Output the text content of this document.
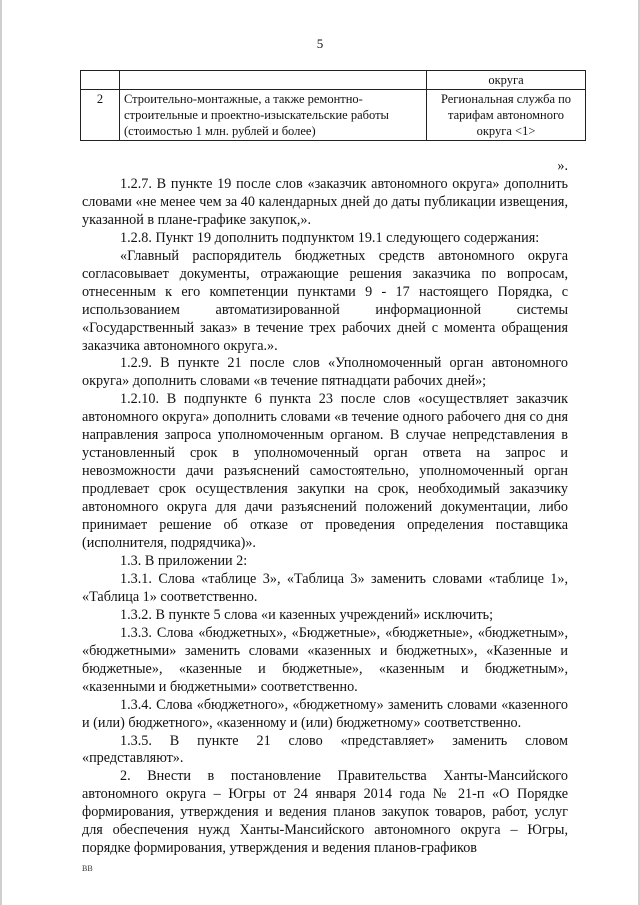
5
		округа
2	Строительно-монтажные, а также ремонтно-строительные и проектно-изыскательские работы (стоимостью 1 млн. рублей и более)	Региональная служба по тарифам автономного округа <1>

».

1.2.7. В пункте 19 после слов «заказчик автономного округа» дополнить словами «не менее чем за 40 календарных дней до даты публикации извещения, указанной в плане-графике закупок,».

1.2.8. Пункт 19 дополнить подпунктом 19.1 следующего содержания:

«Главный распорядитель бюджетных средств автономного округа согласовывает документы, отражающие решения заказчика по вопросам, отнесенным к его компетенции пунктами 9 - 17 настоящего Порядка, с использованием автоматизированной информационной системы «Государственный заказ» в течение трех рабочих дней с момента обращения заказчика автономного округа.».

1.2.9. В пункте 21 после слов «Уполномоченный орган автономного округа» дополнить словами «в течение пятнадцати рабочих дней»;

1.2.10. В подпункте 6 пункта 23 после слов «осуществляет заказчик автономного округа» дополнить словами «в течение одного рабочего дня со дня направления запроса уполномоченным органом. В случае непредставления в установленный срок в уполномоченный орган ответа на запрос и невозможности дачи разъяснений самостоятельно, уполномоченный орган продлевает срок осуществления закупки на срок, необходимый заказчику автономного округа для дачи разъяснений положений документации, либо принимает решение об отказе от проведения определения поставщика (исполнителя, подрядчика)».

1.3. В приложении 2:

1.3.1. Слова «таблице 3», «Таблица 3» заменить словами «таблице 1», «Таблица 1» соответственно.

1.3.2. В пункте 5 слова «и казенных учреждений» исключить;

1.3.3. Слова «бюджетных», «Бюджетные», «бюджетные», «бюджетным», «бюджетными» заменить словами «казенных и бюджетных», «Казенные и бюджетные», «казенные и бюджетные», «казенным и бюджетным», «казенными и бюджетными» соответственно.

1.3.4. Слова «бюджетного», «бюджетному» заменить словами «казенного и (или) бюджетного», «казенному и (или) бюджетному» соответственно.

1.3.5. В пункте 21 слово «представляет» заменить словом «представляют».

2. Внести в постановление Правительства Ханты-Мансийского автономного округа – Югры от 24 января 2014 года № 21-п «О Порядке формирования, утверждения и ведения планов закупок товаров, работ, услуг для обеспечения нужд Ханты-Мансийского автономного округа – Югры, порядке формирования, утверждения и ведения планов-графиков

ВВ
